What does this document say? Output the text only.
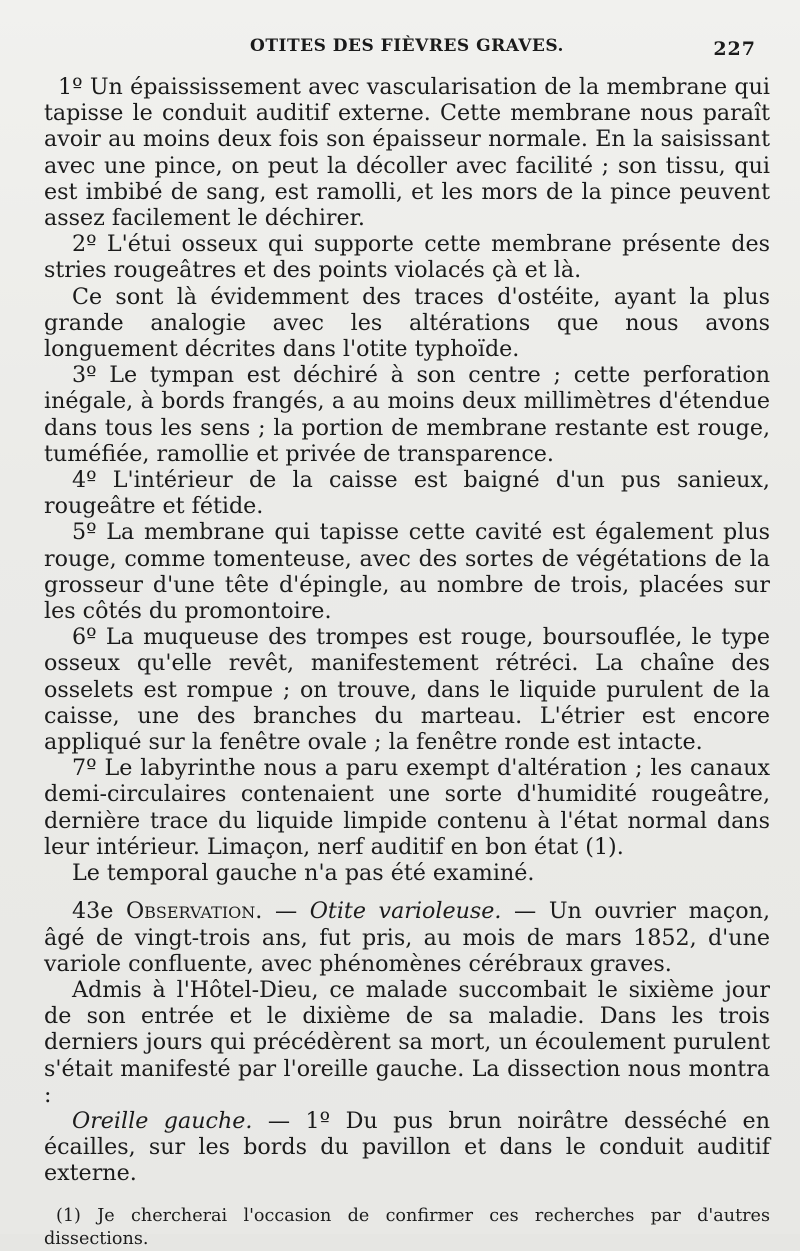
OTITES DES FIÈVRES GRAVES.	227

1º Un épaississement avec vascularisation de la membrane qui tapisse le conduit auditif externe. Cette membrane nous paraît avoir au moins deux fois son épaisseur normale. En la saisissant avec une pince, on peut la décoller avec facilité ; son tissu, qui est imbibé de sang, est ramolli, et les mors de la pince peuvent assez facilement le déchirer.

2º L'étui osseux qui supporte cette membrane présente des stries rougeâtres et des points violacés çà et là.

Ce sont là évidemment des traces d'ostéite, ayant la plus grande analogie avec les altérations que nous avons longuement décrites dans l'otite typhoïde.

3º Le tympan est déchiré à son centre ; cette perforation inégale, à bords frangés, a au moins deux millimètres d'étendue dans tous les sens ; la portion de membrane restante est rouge, tuméfiée, ramollie et privée de transparence.

4º L'intérieur de la caisse est baigné d'un pus sanieux, rougeâtre et fétide.

5º La membrane qui tapisse cette cavité est également plus rouge, comme tomenteuse, avec des sortes de végétations de la grosseur d'une tête d'épingle, au nombre de trois, placées sur les côtés du promontoire.

6º La muqueuse des trompes est rouge, boursouflée, le type osseux qu'elle revêt, manifestement rétréci. La chaîne des osselets est rompue ; on trouve, dans le liquide purulent de la caisse, une des branches du marteau. L'étrier est encore appliqué sur la fenêtre ovale ; la fenêtre ronde est intacte.

7º Le labyrinthe nous a paru exempt d'altération ; les canaux demi-circulaires contenaient une sorte d'humidité rougeâtre, dernière trace du liquide limpide contenu à l'état normal dans leur intérieur. Limaçon, nerf auditif en bon état (1).

Le temporal gauche n'a pas été examiné.

43e Observation. — Otite varioleuse. — Un ouvrier maçon, âgé de vingt-trois ans, fut pris, au mois de mars 1852, d'une variole confluente, avec phénomènes cérébraux graves.

Admis à l'Hôtel-Dieu, ce malade succombait le sixième jour de son entrée et le dixième de sa maladie. Dans les trois derniers jours qui précédèrent sa mort, un écoulement purulent s'était manifesté par l'oreille gauche. La dissection nous montra :

Oreille gauche. — 1º Du pus brun noirâtre desséché en écailles, sur les bords du pavillon et dans le conduit auditif externe.

(1) Je chercherai l'occasion de confirmer ces recherches par d'autres dissections.
